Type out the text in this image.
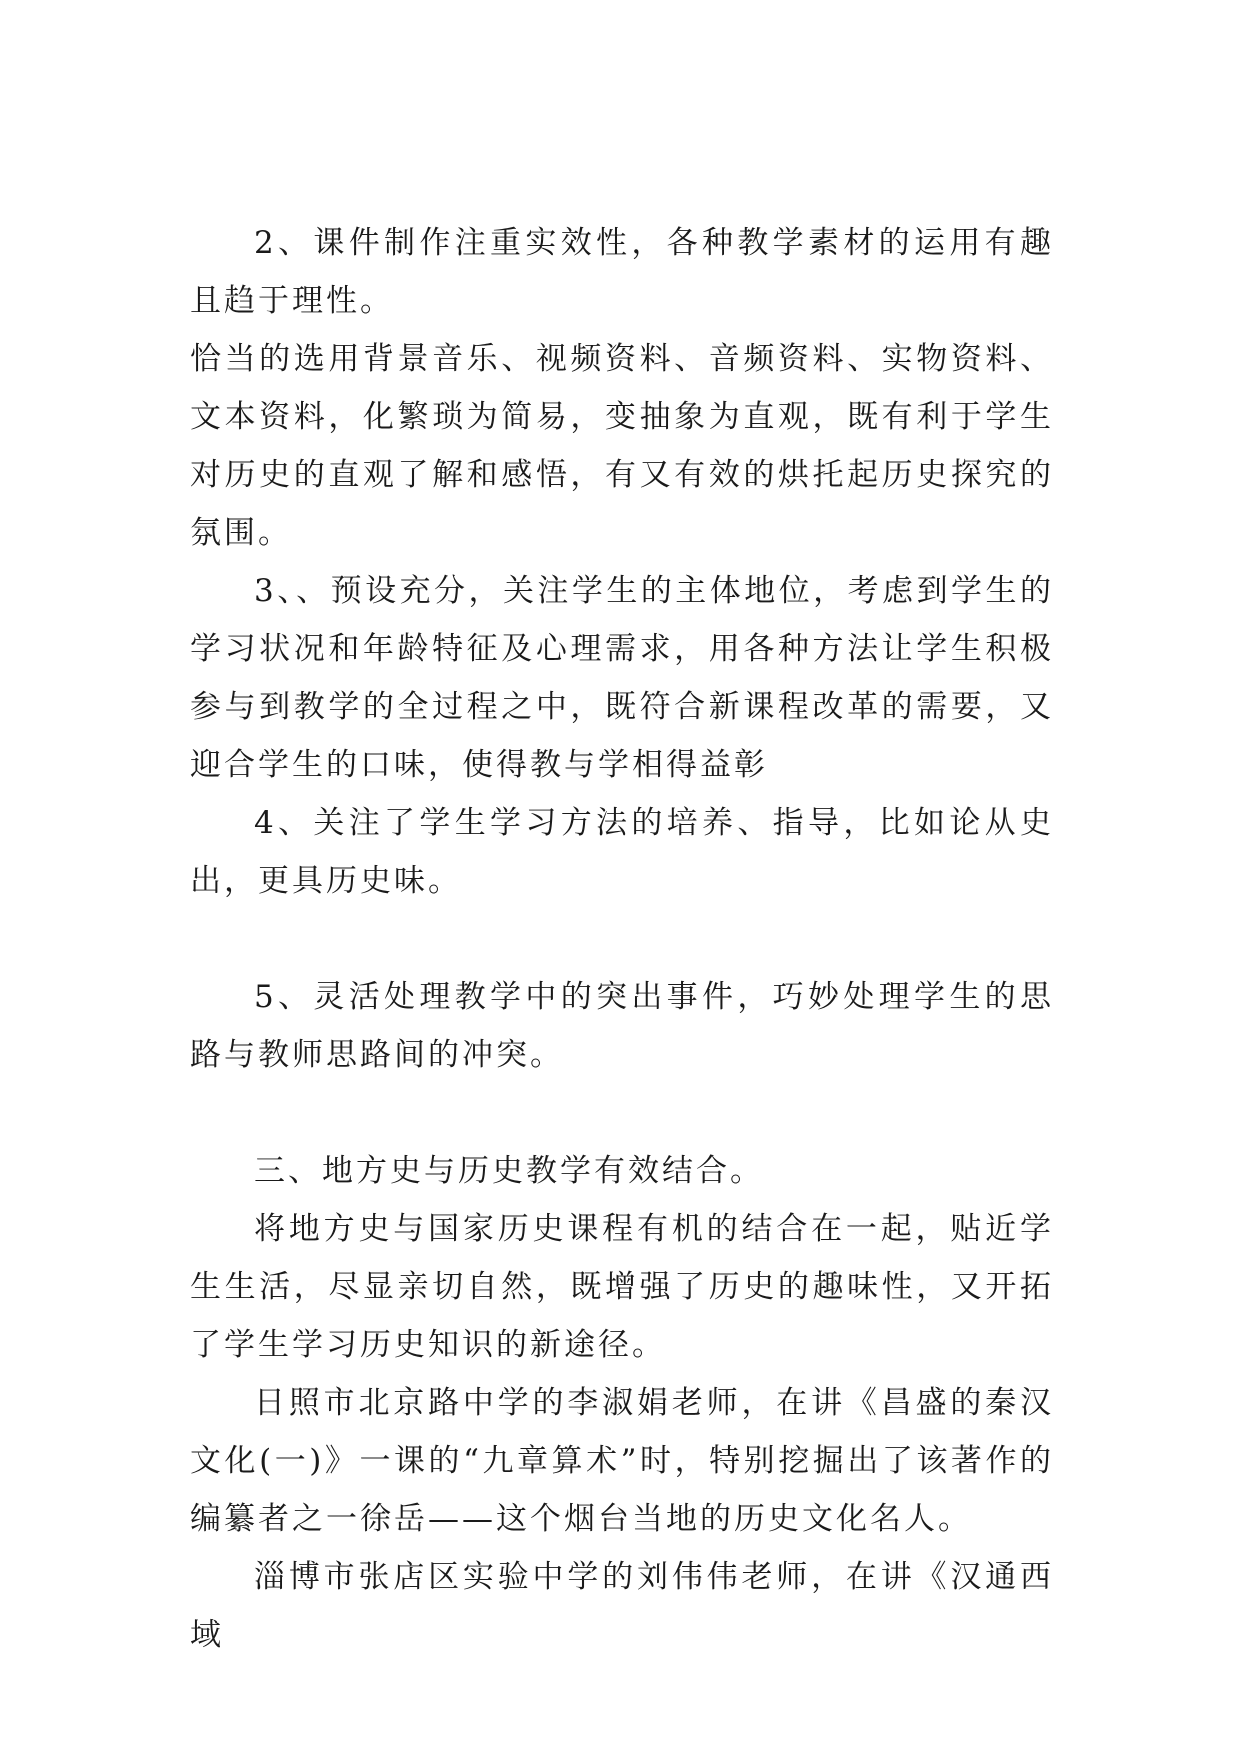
2、课件制作注重实效性，各种教学素材的运用有趣且趋于理性。

恰当的选用背景音乐、视频资料、音频资料、实物资料、文本资料，化繁琐为简易，变抽象为直观，既有利于学生对历史的直观了解和感悟，有又有效的烘托起历史探究的氛围。

3、、预设充分，关注学生的主体地位，考虑到学生的学习状况和年龄特征及心理需求，用各种方法让学生积极参与到教学的全过程之中，既符合新课程改革的需要，又迎合学生的口味，使得教与学相得益彰

4、关注了学生学习方法的培养、指导，比如论从史出，更具历史味。

5、灵活处理教学中的突出事件，巧妙处理学生的思路与教师思路间的冲突。

三、地方史与历史教学有效结合。

将地方史与国家历史课程有机的结合在一起，贴近学生生活，尽显亲切自然，既增强了历史的趣味性，又开拓了学生学习历史知识的新途径。

日照市北京路中学的李淑娟老师，在讲《昌盛的秦汉文化(一)》一课的“九章算术”时，特别挖掘出了该著作的编纂者之一徐岳——这个烟台当地的历史文化名人。

淄博市张店区实验中学的刘伟伟老师，在讲《汉通西域
